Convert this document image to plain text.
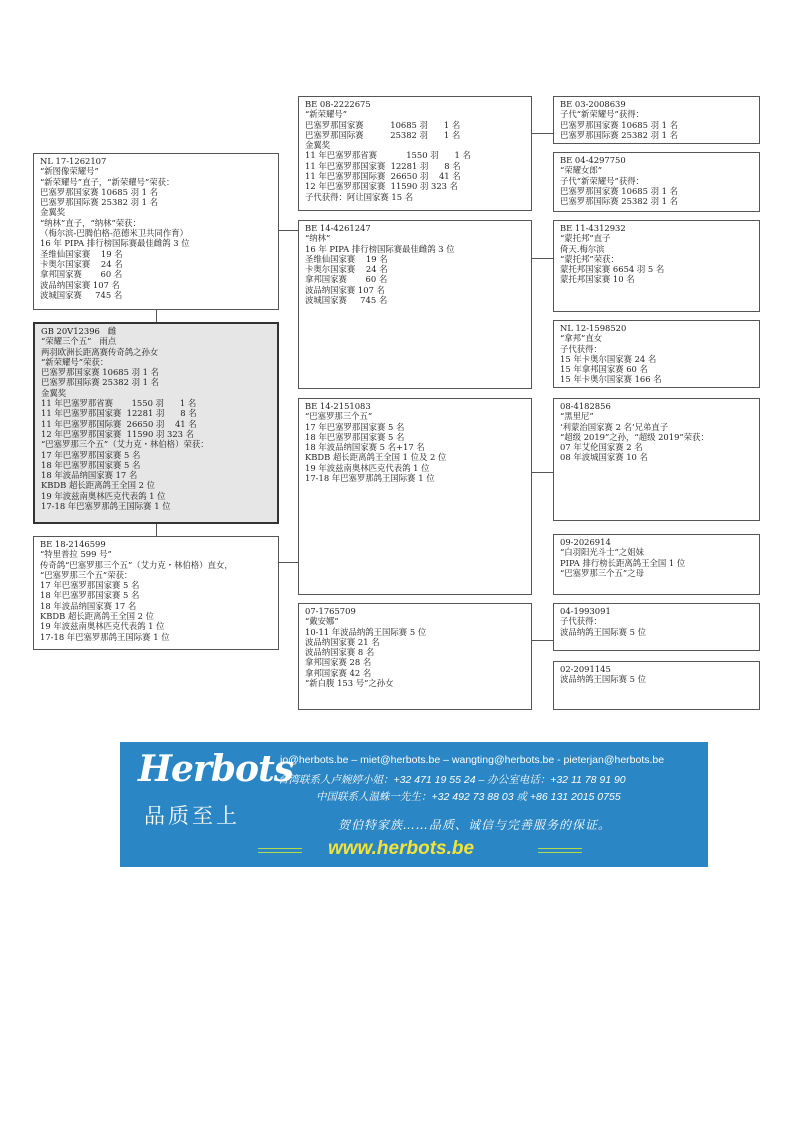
NL 17-1262107
“新图像荣耀号”
“新荣耀号”直子，“新荣耀号”荣获：
巴塞罗那国家赛 10685 羽 1 名
巴塞罗那国际赛 25382 羽 1 名
金翼奖
“纳林”直子，“纳林”荣获：
（梅尔滨-巴腾伯格-范德米卫共同作育）
16 年 PIPA 排行榜国际赛最佳雌鸽 3 位
圣维仙国家赛    19 名
卡奥尔国家赛    24 名
拿邦国家赛       60 名
波品纳国家赛 107 名
波城国家赛     745 名
GB 20V12396   雌
“荣耀三个五”   雨点
两羽欧洲长距离赛传奇鸽之孙女
“新荣耀号”荣获：
巴塞罗那国家赛 10685 羽 1 名
巴塞罗那国际赛 25382 羽 1 名
金翼奖
11 年巴塞罗那省赛       1550 羽      1 名
11 年巴塞罗那国家赛  12281 羽      8 名
11 年巴塞罗那国际赛  26650 羽    41 名
12 年巴塞罗那国家赛  11590 羽 323 名
“巴塞罗那三个五”（艾力克・林伯格）荣获：
17 年巴塞罗那国家赛 5 名
18 年巴塞罗那国家赛 5 名
18 年波品纳国家赛 17 名
KBDB 超长距离鸽王全国 2 位
19 年波兹南奥林匹克代表鸽 1 位
17-18 年巴塞罗那鸽王国际赛 1 位
BE 18-2146599
“特里普拉 599 号”
传奇鸽“巴塞罗那三个五”（艾力克・林伯格）直女，
“巴塞罗那三个五”荣获：
17 年巴塞罗那国家赛 5 名
18 年巴塞罗那国家赛 5 名
18 年波品纳国家赛 17 名
KBDB 超长距离鸽王全国 2 位
19 年波兹南奥林匹克代表鸽 1 位
17-18 年巴塞罗那鸽王国际赛 1 位
BE 08-2222675
“新荣耀号”
巴塞罗那国家赛          10685 羽      1 名
巴塞罗那国际赛          25382 羽      1 名
金翼奖
11 年巴塞罗那省赛           1550 羽      1 名
11 年巴塞罗那国家赛  12281 羽      8 名
11 年巴塞罗那国际赛  26650 羽    41 名
12 年巴塞罗那国家赛  11590 羽 323 名
子代获得：阿让国家赛 15 名
BE 14-4261247
“纳林”
16 年 PIPA 排行榜国际赛最佳雌鸽 3 位
圣维仙国家赛    19 名
卡奥尔国家赛    24 名
拿邦国家赛       60 名
波品纳国家赛 107 名
波城国家赛     745 名
BE 14-2151083
“巴塞罗那三个五”
17 年巴塞罗那国家赛 5 名
18 年巴塞罗那国家赛 5 名
18 年波品纳国家赛 5 名+17 名
KBDB 超长距离鸽王全国 1 位及 2 位
19 年波兹南奥林匹克代表鸽 1 位
17-18 年巴塞罗那鸽王国际赛 1 位
07-1765709
“戴安娜”
10-11 年波品纳鸽王国际赛 5 位
波品纳国家赛 21 名
波品纳国家赛 8 名
拿邦国家赛 28 名
拿邦国家赛 42 名
“新白腹 153 号”之孙女
BE 03-2008639
子代“新荣耀号”获得：
巴塞罗那国家赛 10685 羽 1 名
巴塞罗那国际赛 25382 羽 1 名
BE 04-4297750
“荣耀女郎”
子代“新荣耀号”获得：
巴塞罗那国家赛 10685 羽 1 名
巴塞罗那国际赛 25382 羽 1 名
BE 11-4312932
“蒙托邦”直子
倚天.梅尔滨
“蒙托邦”荣获：
蒙托邦国家赛 6654 羽 5 名
蒙托邦国家赛 10 名
NL 12-1598520
“拿邦”直女
子代获得：
15 年卡奥尔国家赛 24 名
15 年拿邦国家赛 60 名
15 年卡奥尔国家赛 166 名
08-4182856
“黑里尼”
‘利蒙治国家赛 2 名’兄弟直子
“超级 2019”之孙，“超级 2019”荣获：
07 年艾伦国家赛 2 名
08 年波城国家赛 10 名
09-2026914
“白羽阳光斗士”之姐妹
PIPA 排行榜长距离鸽王全国 1 位
“巴塞罗那三个五”之母
04-1993091
子代获得：
波品纳鸽王国际赛 5 位
02-2091145
波品纳鸽王国际赛 5 位
Herbots
品质至上
jo@herbots.be – miet@herbots.be – wangting@herbots.be - pieterjan@herbots.be
台湾联系人卢婉婷小姐：+32 471 19 55 24 – 办公室电话：+32 11 78 91 90
中国联系人温蛛一先生：+32 492 73 88 03 或 +86 131 2015 0755
贺伯特家族……品质、诚信与完善服务的保证。
www.herbots.be
